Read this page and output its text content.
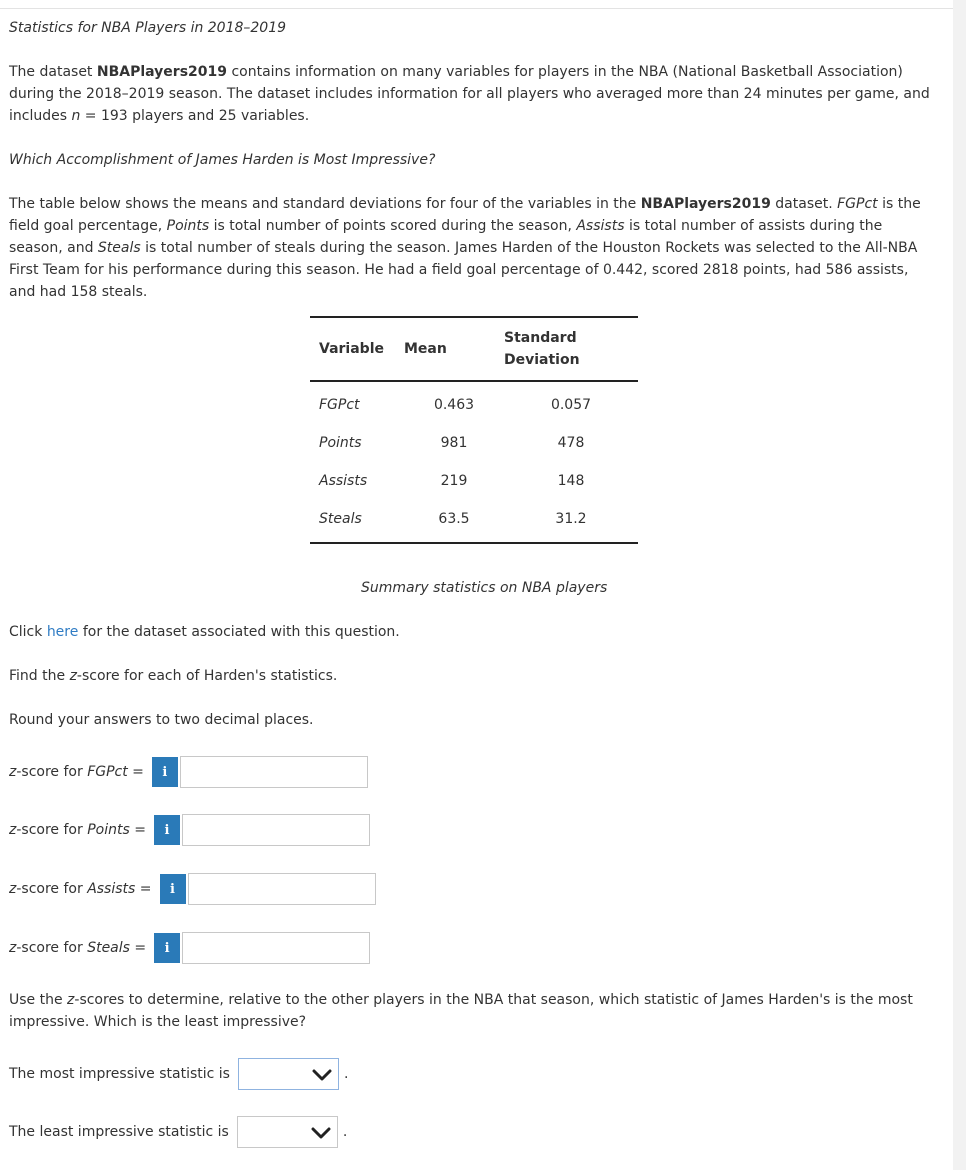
Statistics for NBA Players in 2018–2019
The dataset NBAPlayers2019 contains information on many variables for players in the NBA (National Basketball Association) during the 2018–2019 season. The dataset includes information for all players who averaged more than 24 minutes per game, and includes n = 193 players and 25 variables.
Which Accomplishment of James Harden is Most Impressive?
The table below shows the means and standard deviations for four of the variables in the NBAPlayers2019 dataset. FGPct is the field goal percentage, Points is total number of points scored during the season, Assists is total number of assists during the season, and Steals is total number of steals during the season. James Harden of the Houston Rockets was selected to the All-NBA First Team for his performance during this season. He had a field goal percentage of 0.442, scored 2818 points, had 586 assists, and had 158 steals.
Variable	Mean	Standard
Deviation
FGPct	0.463	0.057
Points	981	478
Assists	219	148
Steals	63.5	31.2
Summary statistics on NBA players
Click here for the dataset associated with this question.
Find the z-score for each of Harden's statistics.
Round your answers to two decimal places.
z-score for FGPct =	i
z-score for Points =	i
z-score for Assists =	i
z-score for Steals =	i
Use the z-scores to determine, relative to the other players in the NBA that season, which statistic of James Harden's is the most impressive. Which is the least impressive?
The most impressive statistic is	.
The least impressive statistic is	.
